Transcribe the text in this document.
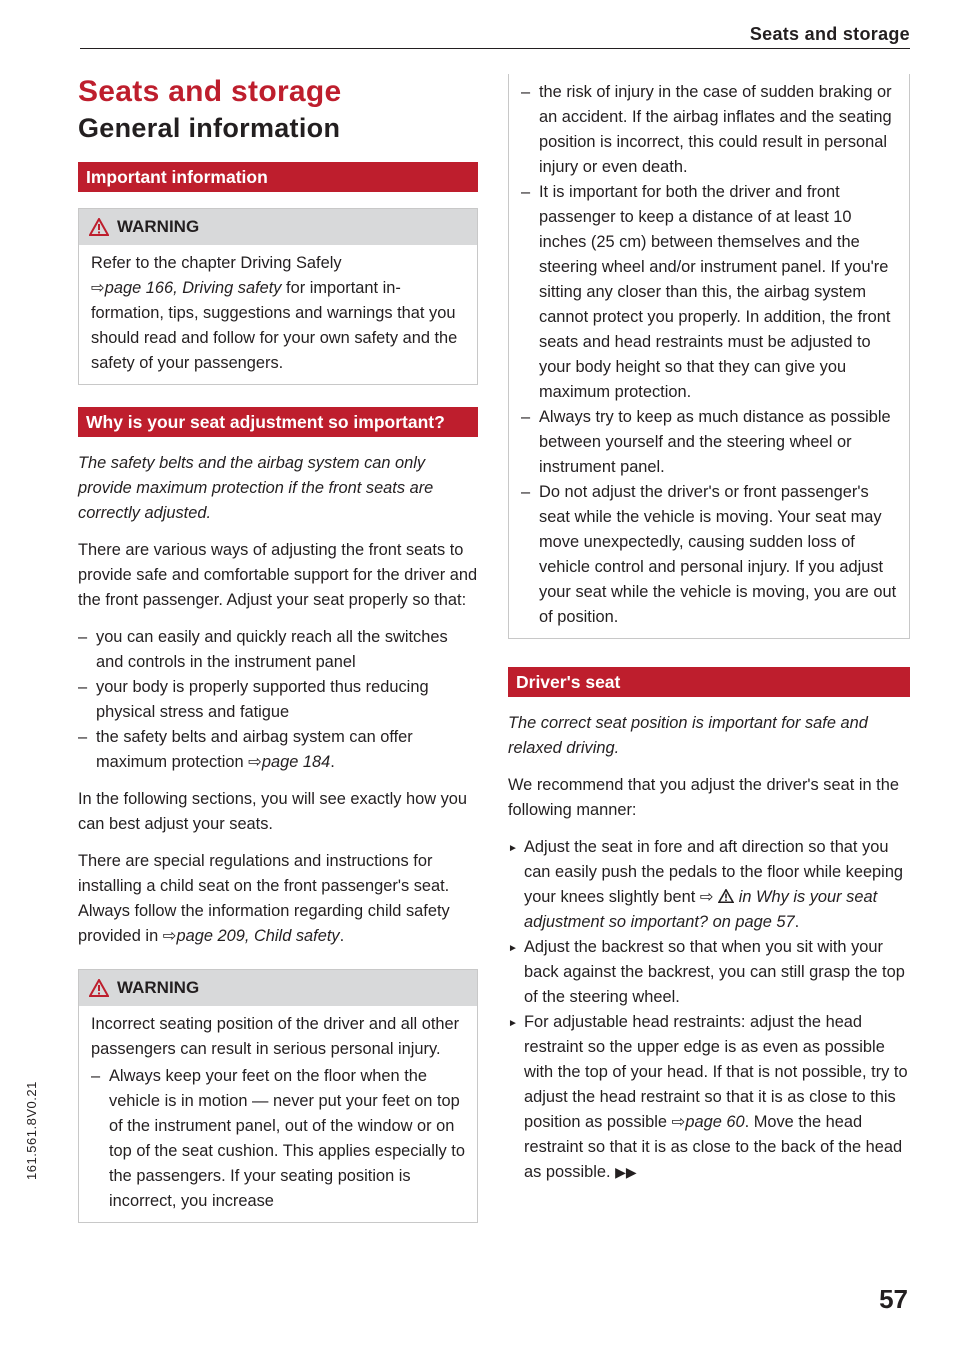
Seats and storage
161.561.8V0.21
Seats and storage
General information
Important information
WARNING

Refer to the chapter Driving Safely
⇨page 166, Driving safety for important information, tips, suggestions and warnings that you should read and follow for your own safety and the safety of your passengers.

Why is your seat adjustment so important?

The safety belts and the airbag system can only provide maximum protection if the front seats are correctly adjusted.

There are various ways of adjusting the front seats to provide safe and comfortable support for the driver and the front passenger. Adjust your seat properly so that:

– you can easily and quickly reach all the switches and controls in the instrument panel
– your body is properly supported thus reducing physical stress and fatigue
– the safety belts and airbag system can offer maximum protection ⇨page 184.

In the following sections, you will see exactly how you can best adjust your seats.

There are special regulations and instructions for installing a child seat on the front passenger's seat. Always follow the information regarding child safety provided in ⇨page 209, Child safety.

WARNING

Incorrect seating position of the driver and all other passengers can result in serious personal injury.

– Always keep your feet on the floor when the vehicle is in motion — never put your feet on top of the instrument panel, out of the window or on top of the seat cushion. This applies especially to the passengers. If your seating position is incorrect, you increase
– the risk of injury in the case of sudden braking or an accident. If the airbag inflates and the seating position is incorrect, this could result in personal injury or even death.
– It is important for both the driver and front passenger to keep a distance of at least 10 inches (25 cm) between themselves and the steering wheel and/or instrument panel. If you're sitting any closer than this, the airbag system cannot protect you properly. In addition, the front seats and head restraints must be adjusted to your body height so that they can give you maximum protection.
– Always try to keep as much distance as possible between yourself and the steering wheel or instrument panel.
– Do not adjust the driver's or front passenger's seat while the vehicle is moving. Your seat may move unexpectedly, causing sudden loss of vehicle control and personal injury. If you adjust your seat while the vehicle is moving, you are out of position.
Driver's seat

The correct seat position is important for safe and relaxed driving.

We recommend that you adjust the driver's seat in the following manner:

► Adjust the seat in fore and aft direction so that you can easily push the pedals to the floor while keeping your knees slightly bent ⇨  in Why is your seat adjustment so important? on page 57.
► Adjust the backrest so that when you sit with your back against the backrest, you can still grasp the top of the steering wheel.
► For adjustable head restraints: adjust the head restraint so the upper edge is as even as possible with the top of your head. If that is not possible, try to adjust the head restraint so that it is as close to this position as possible ⇨page 60. Move the head restraint so that it is as close to the back of the head as possible. ▶▶
57
